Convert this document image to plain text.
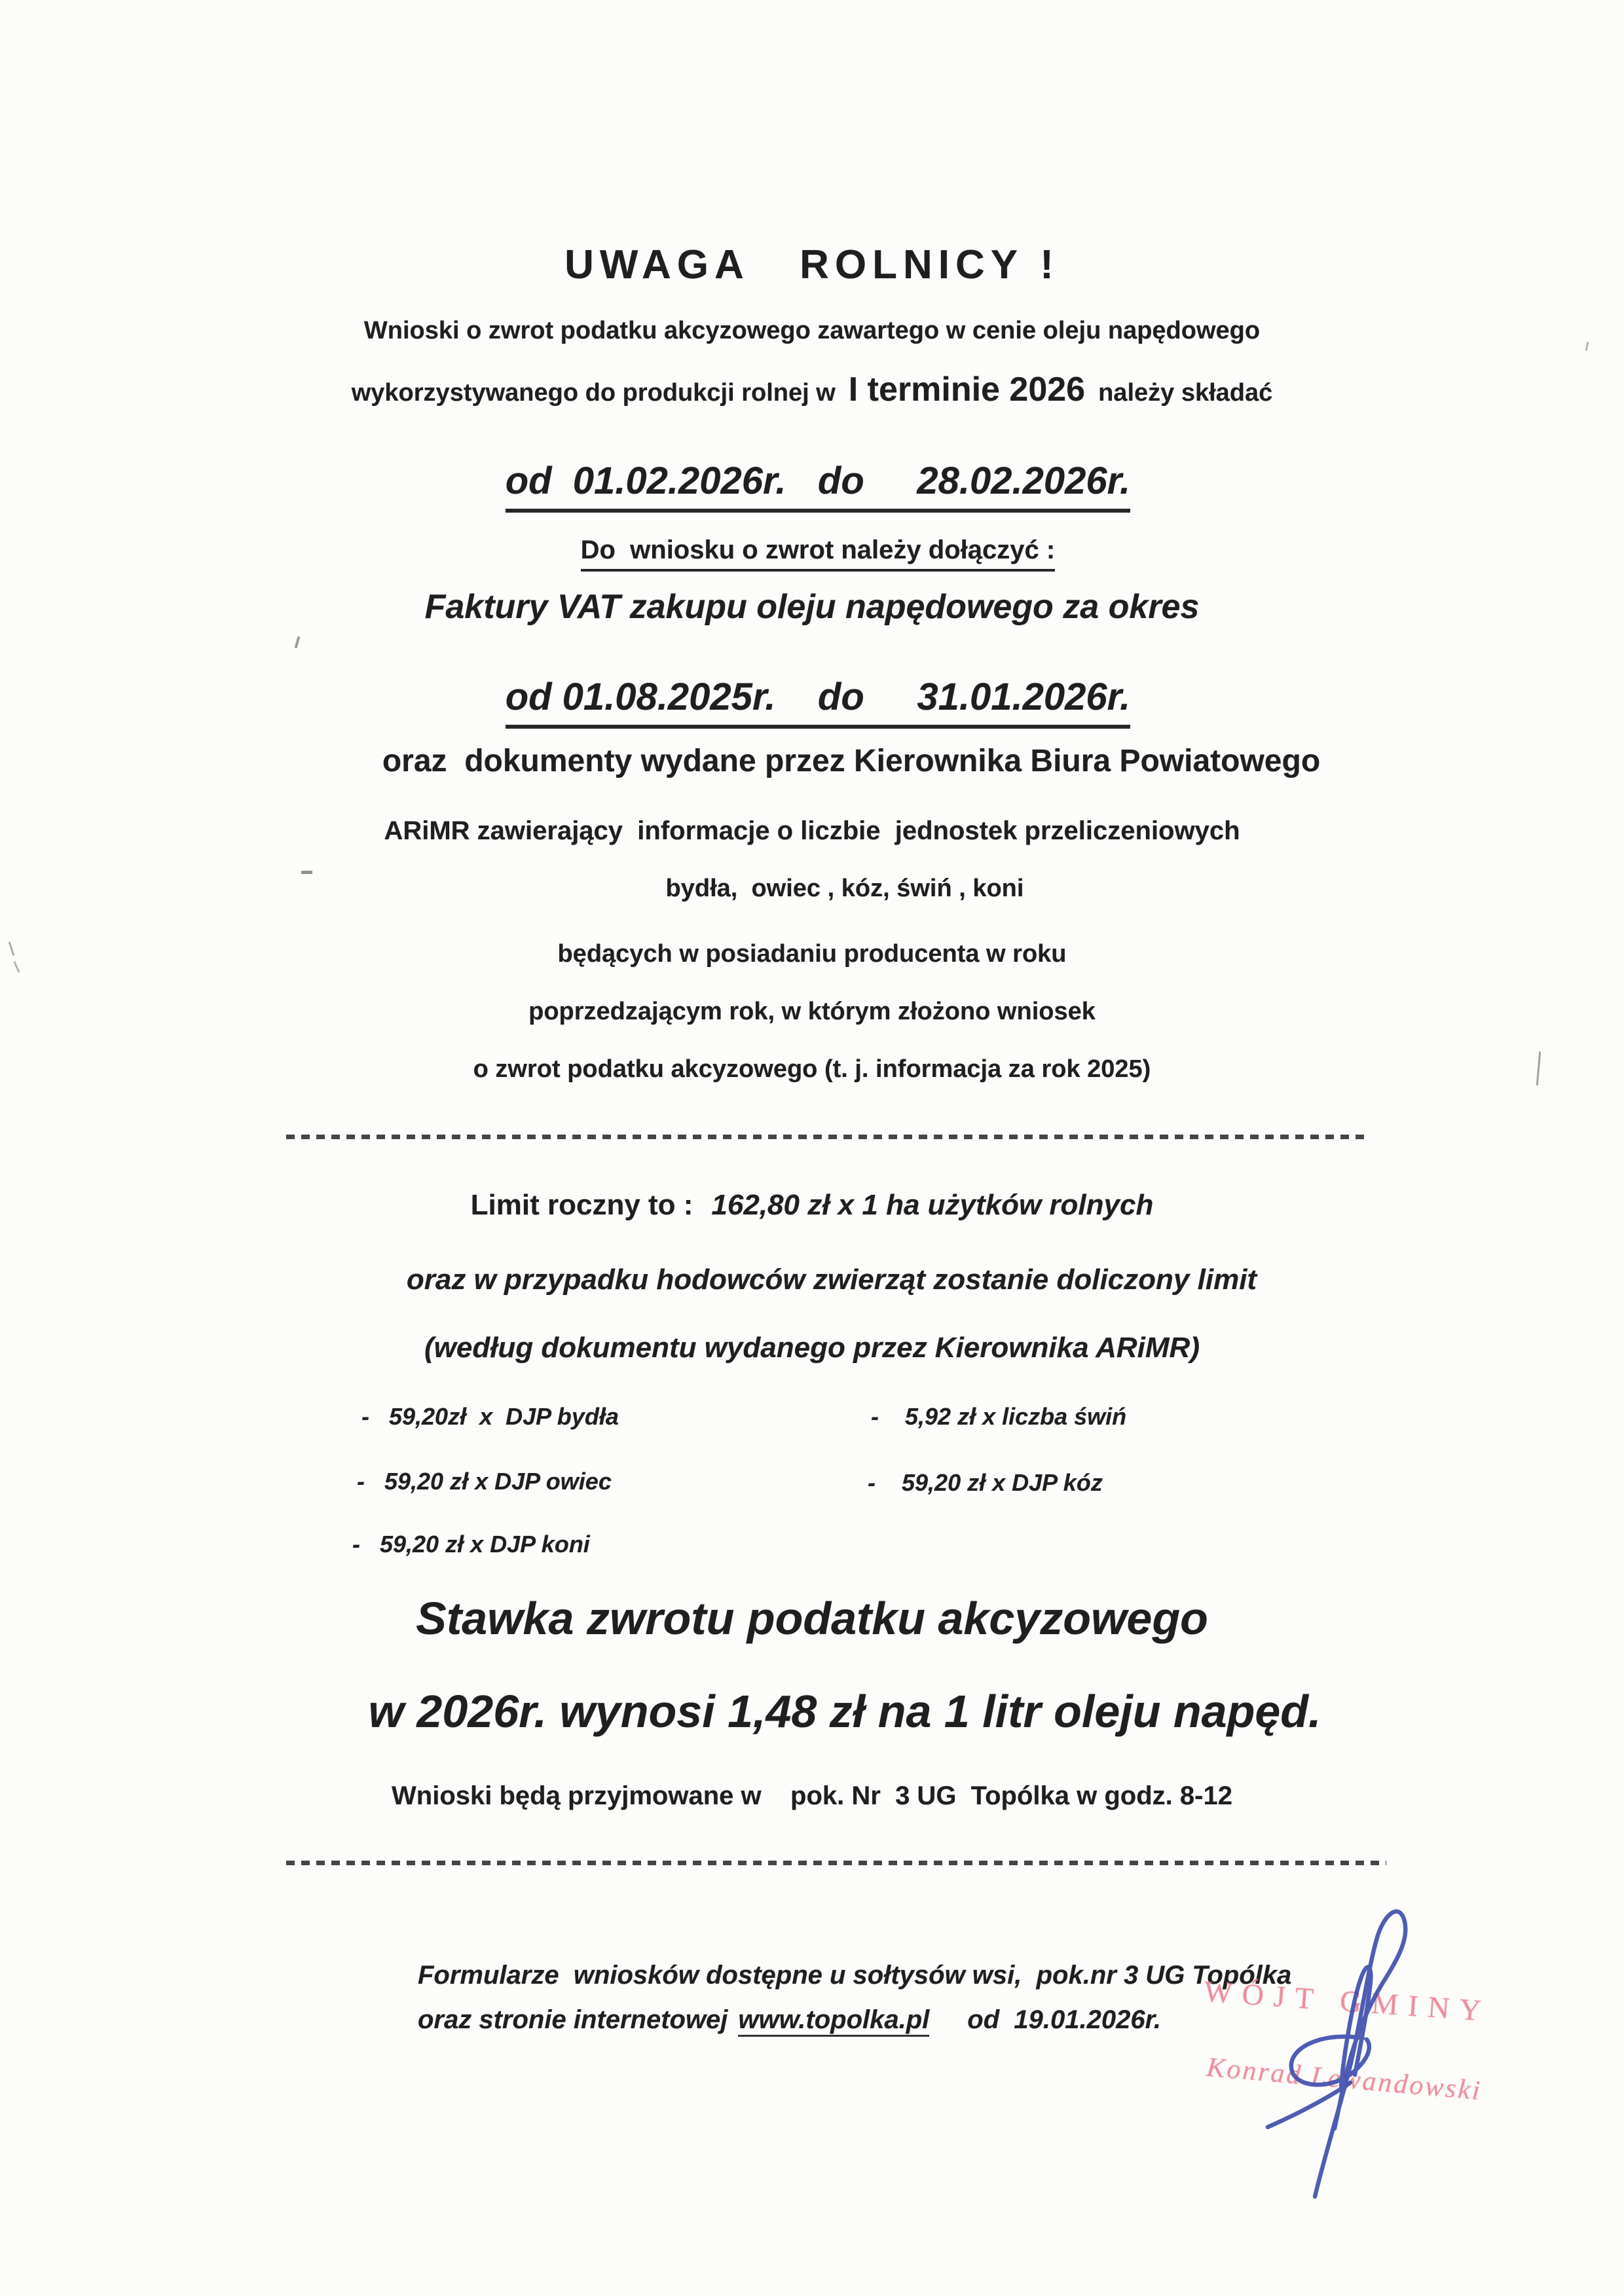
UWAGA   ROLNICY !
Wnioski o zwrot podatku akcyzowego zawartego w cenie oleju napędowego
wykorzystywanego do produkcji rolnej w I terminie 2026 należy składać

od  01.02.2026r.   do     28.02.2026r.

Do  wniosku o zwrot należy dołączyć :

Faktury VAT zakupu oleju napędowego za okres

od 01.08.2025r.    do     31.01.2026r.

oraz  dokumenty wydane przez Kierownika Biura Powiatowego
ARiMR zawierający  informacje o liczbie  jednostek przeliczeniowych
bydła,  owiec , kóz, świń , koni
będących w posiadaniu producenta w roku
poprzedzającym rok, w którym złożono wniosek
o zwrot podatku akcyzowego (t. j. informacja za rok 2025)
Limit roczny to : 162,80 zł x 1 ha użytków rolnych
oraz w przypadku hodowców zwierząt zostanie doliczony limit
(według dokumentu wydanego przez Kierownika ARiMR)
-   59,20zł  x  DJP bydła	-    5,92 zł x liczba świń
-   59,20 zł x DJP owiec	-    59,20 zł x DJP kóz
-   59,20 zł x DJP koni
Stawka zwrotu podatku akcyzowego
w 2026r. wynosi 1,48 zł na 1 litr oleju napęd.
Wnioski będą przyjmowane w    pok. Nr  3 UG  Topólka w godz. 8-12
Formularze  wniosków dostępne u sołtysów wsi,  pok.nr 3 UG Topólka
oraz stronie internetowej www.topolka.pl od  19.01.2026r. WÓJT GMINY
Konrad Lewandowski
